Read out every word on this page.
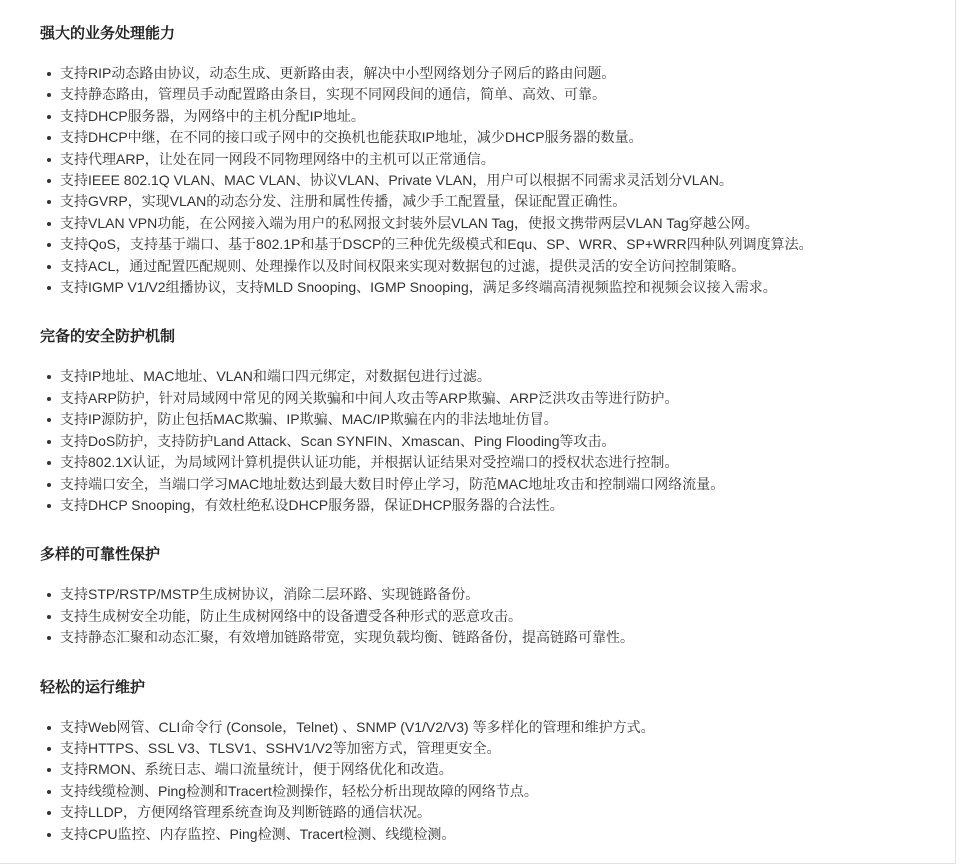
强大的业务处理能力
支持RIP动态路由协议，动态生成、更新路由表，解决中小型网络划分子网后的路由问题。
支持静态路由，管理员手动配置路由条目，实现不同网段间的通信，简单、高效、可靠。
支持DHCP服务器，为网络中的主机分配IP地址。
支持DHCP中继，在不同的接口或子网中的交换机也能获取IP地址，减少DHCP服务器的数量。
支持代理ARP，让处在同一网段不同物理网络中的主机可以正常通信。
支持IEEE 802.1Q VLAN、MAC VLAN、协议VLAN、Private VLAN，用户可以根据不同需求灵活划分VLAN。
支持GVRP，实现VLAN的动态分发、注册和属性传播，减少手工配置量，保证配置正确性。
支持VLAN VPN功能，在公网接入端为用户的私网报文封装外层VLAN Tag，使报文携带两层VLAN Tag穿越公网。
支持QoS，支持基于端口、基于802.1P和基于DSCP的三种优先级模式和Equ、SP、WRR、SP+WRR四种队列调度算法。
支持ACL，通过配置匹配规则、处理操作以及时间权限来实现对数据包的过滤，提供灵活的安全访问控制策略。
支持IGMP V1/V2组播协议，支持MLD Snooping、IGMP Snooping，满足多终端高清视频监控和视频会议接入需求。
完备的安全防护机制
支持IP地址、MAC地址、VLAN和端口四元绑定，对数据包进行过滤。
支持ARP防护，针对局域网中常见的网关欺骗和中间人攻击等ARP欺骗、ARP泛洪攻击等进行防护。
支持IP源防护，防止包括MAC欺骗、IP欺骗、MAC/IP欺骗在内的非法地址仿冒。
支持DoS防护，支持防护Land Attack、Scan SYNFIN、Xmascan、Ping Flooding等攻击。
支持802.1X认证，为局域网计算机提供认证功能，并根据认证结果对受控端口的授权状态进行控制。
支持端口安全，当端口学习MAC地址数达到最大数目时停止学习，防范MAC地址攻击和控制端口网络流量。
支持DHCP Snooping，有效杜绝私设DHCP服务器，保证DHCP服务器的合法性。
多样的可靠性保护
支持STP/RSTP/MSTP生成树协议，消除二层环路、实现链路备份。
支持生成树安全功能，防止生成树网络中的设备遭受各种形式的恶意攻击。
支持静态汇聚和动态汇聚，有效增加链路带宽，实现负载均衡、链路备份，提高链路可靠性。
轻松的运行维护
支持Web网管、CLI命令行 (Console，Telnet) 、SNMP (V1/V2/V3) 等多样化的管理和维护方式。
支持HTTPS、SSL V3、TLSV1、SSHV1/V2等加密方式，管理更安全。
支持RMON、系统日志、端口流量统计，便于网络优化和改造。
支持线缆检测、Ping检测和Tracert检测操作，轻松分析出现故障的网络节点。
支持LLDP，方便网络管理系统查询及判断链路的通信状况。
支持CPU监控、内存监控、Ping检测、Tracert检测、线缆检测。
